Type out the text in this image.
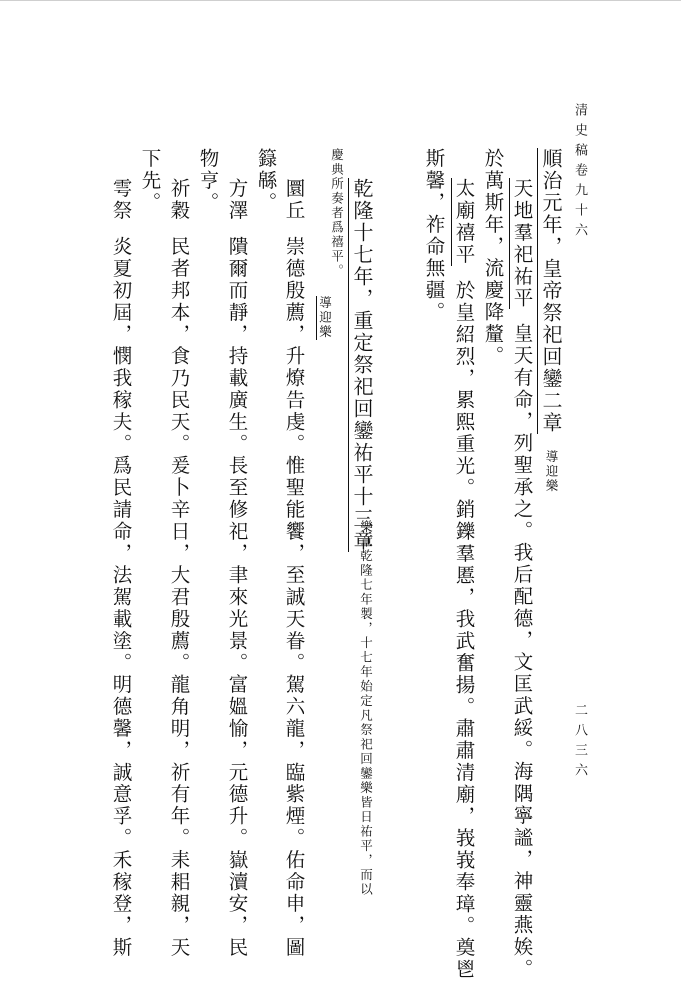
清史稿卷九十六
二八三六
順治元年，皇帝祭祀回鑾二章導迎樂
天地羣祀祐平皇天有命，列聖承之。我后配德，文匡武綏。海隅寧謐，神靈燕娭。
於萬斯年，流慶降釐。
太廟禧平於皇紹烈，累熙重光。銷鑠羣慝，我武奮揚。肅肅清廟，峩峩奉璋。奠鬯
斯馨，祚命無疆。
乾隆十七年，重定祭祀回鑾祐平十三章
樂章乾隆七年製，十七年始定凡祭祀回鑾樂皆日祐平，而以
慶典所奏者爲禧平。
導迎樂
圜丘崇德殷薦，升燎告虔。惟聖能饗，至誠天眷。駕六龍，臨紫煙。佑命申，圖
籙緜。
方澤隤爾而靜，持載廣生。長至修祀，聿來光景。富媼愉，元德升。嶽瀆安，民
物亨。
祈穀民者邦本，食乃民天。爰卜辛日，大君殷薦。龍角明，祈有年。耒耜親，天
下先。
雩祭炎夏初屆，憫我稼夫。爲民請命，法駕載塗。明德馨，誠意孚。禾稼登，斯
